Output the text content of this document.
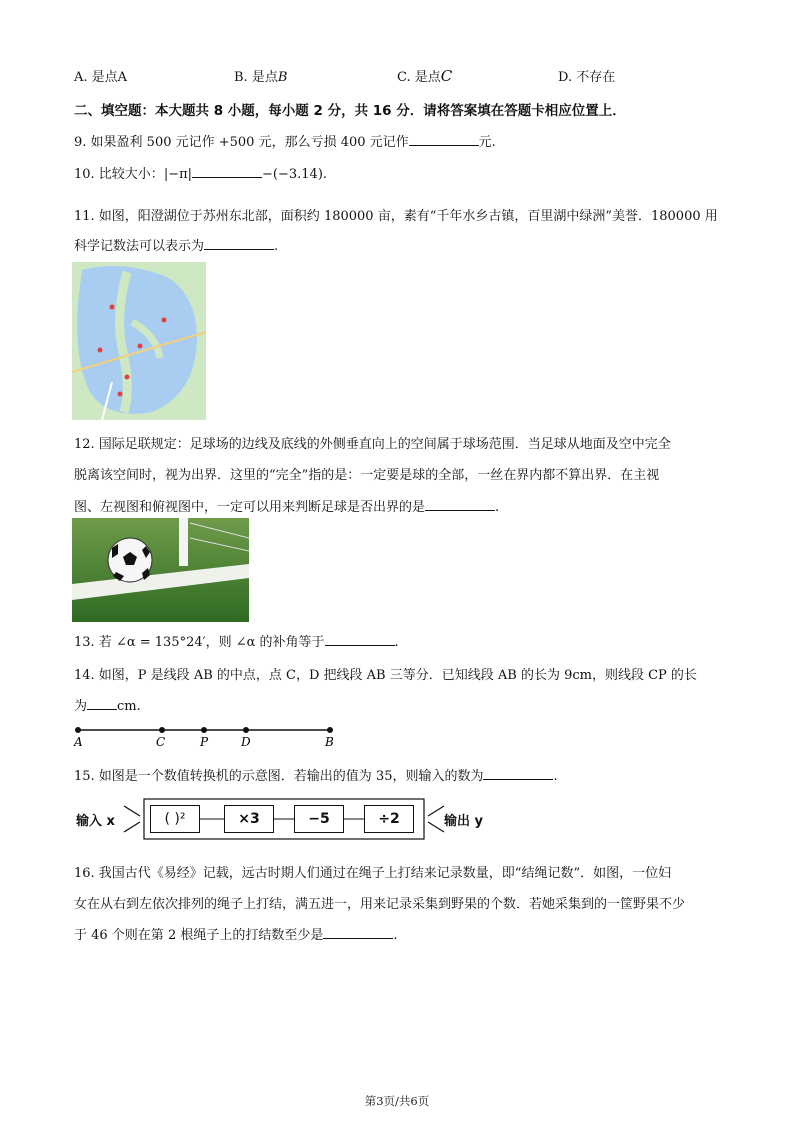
A. 是点A	B. 是点B	C. 是点C	D. 不存在
二、填空题：本大题共 8 小题，每小题 2 分，共 16 分．请将答案填在答题卡相应位置上．
9. 如果盈利 500 元记作 +500 元，那么亏损 400 元记作	元.
10. 比较大小：|−π|	−(−3.14).
11. 如图，阳澄湖位于苏州东北部，面积约 180000 亩，素有“千年水乡古镇，百里湖中绿洲”美誉．180000 用
科学记数法可以表示为	.
12. 国际足联规定：足球场的边线及底线的外侧垂直向上的空间属于球场范围．当足球从地面及空中完全
脱离该空间时，视为出界．这里的“完全”指的是：一定要是球的全部，一丝在界内都不算出界．在主视
图、左视图和俯视图中，一定可以用来判断足球是否出界的是	.
13. 若 ∠α = 135°24′，则 ∠α 的补角等于	.
14. 如图，P 是线段 AB 的中点，点 C，D 把线段 AB 三等分．已知线段 AB 的长为 9cm，则线段 CP 的长
为 cm.
A	C	P	D	B
15. 如图是一个数值转换机的示意图．若输出的值为 35，则输入的数为	.
输入 x	( )²	×3	−5	÷2	输出 y
16. 我国古代《易经》记载，远古时期人们通过在绳子上打结来记录数量，即“结绳记数”．如图，一位妇
女在从右到左依次排列的绳子上打结，满五进一，用来记录采集到野果的个数．若她采集到的一筐野果不少
于 46 个则在第 2 根绳子上的打结数至少是	.
第3页/共6页
